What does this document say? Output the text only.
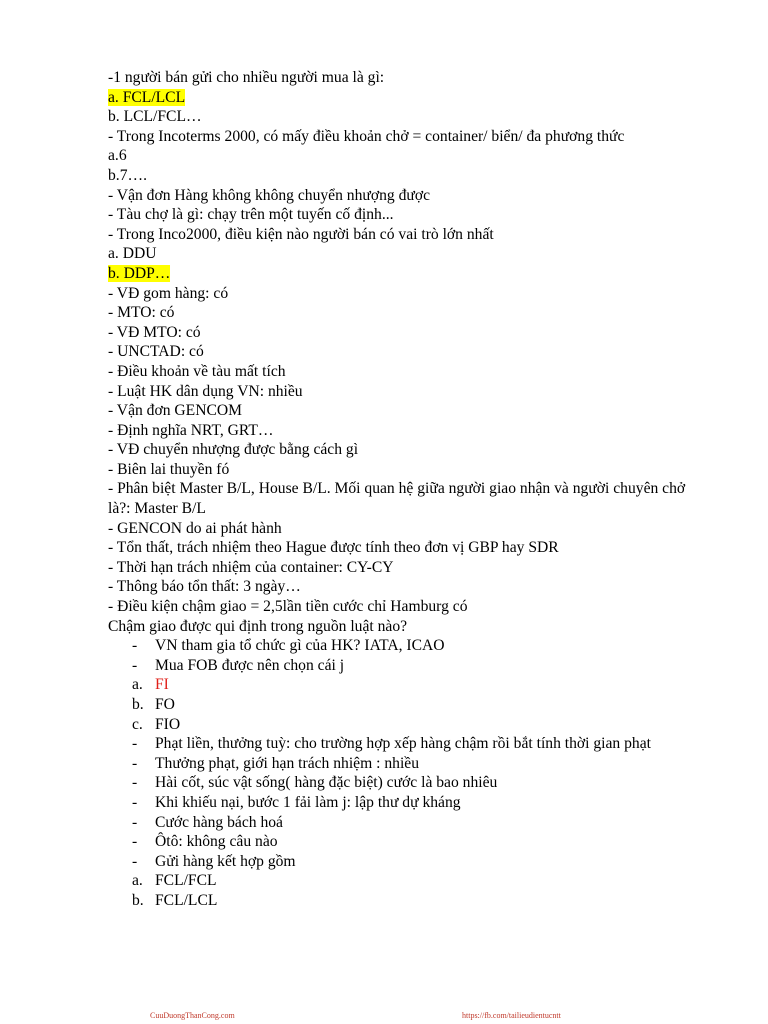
-1 người bán gửi cho nhiều người mua là gì:
a. FCL/LCL
b. LCL/FCL…
- Trong Incoterms 2000, có mấy điều khoản chở = container/ biển/ đa phương thức
a.6
b.7….
- Vận đơn Hàng không không chuyển nhượng được
- Tàu chợ là gì: chạy trên một tuyến cố định...
- Trong Inco2000, điều kiện nào người bán có vai trò lớn nhất
a. DDU
b. DDP…
- VĐ gom hàng: có
- MTO: có
- VĐ MTO: có
- UNCTAD: có
- Điều khoản về tàu mất tích
- Luật HK dân dụng VN: nhiều
- Vận đơn GENCOM
- Định nghĩa NRT, GRT…
- VĐ chuyển nhượng được bằng cách gì
- Biên lai thuyền fó
- Phân biệt Master B/L, House B/L. Mối quan hệ giữa người giao nhận và người chuyên chở là?: Master B/L
- GENCON do ai phát hành
- Tổn thất, trách nhiệm theo Hague được tính theo đơn vị GBP hay SDR
- Thời hạn trách nhiệm của container: CY-CY
- Thông báo tổn thất: 3 ngày…
- Điều kiện chậm giao = 2,5lần tiền cước chỉ Hamburg có
Chậm giao được qui định trong nguồn luật nào?
- VN tham gia tổ chức gì của HK? IATA, ICAO
- Mua FOB được nên chọn cái j
a. FI
b. FO
c. FIO
- Phạt liền, thưởng tuỳ: cho trường hợp xếp hàng chậm rồi bắt tính thời gian phạt
- Thưởng phạt, giới hạn trách nhiệm : nhiều
- Hài cốt, súc vật sống( hàng đặc biệt) cước là bao nhiêu
- Khi khiếu nại, bước 1 fải làm j: lập thư dự kháng
- Cước hàng bách hoá
- Ôtô: không câu nào
- Gửi hàng kết hợp gồm
a. FCL/FCL
b. FCL/LCL
CuuDuongThanCong.com	https://fb.com/tailieudientucntt
